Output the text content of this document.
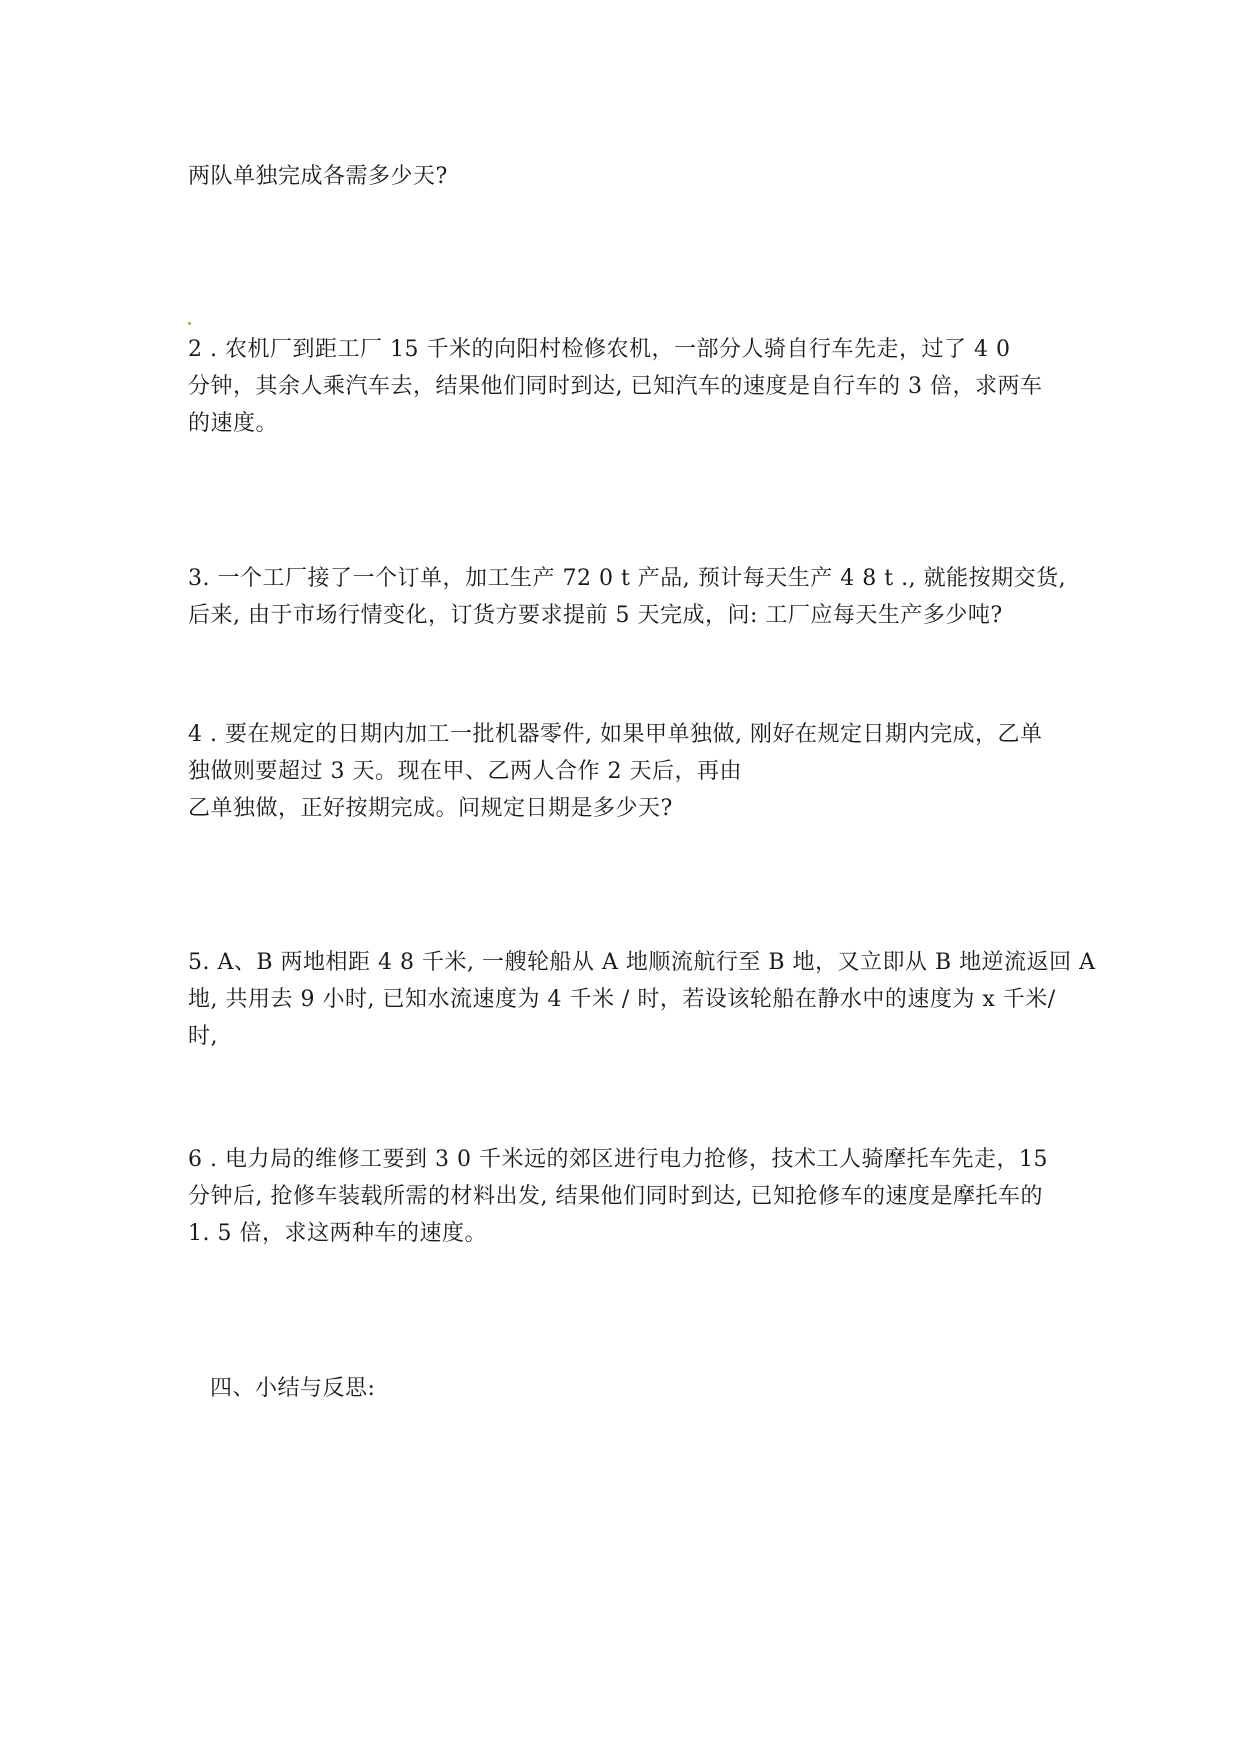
两队单独完成各需多少天?
2 . 农机厂到距工厂 15 千米的向阳村检修农机，一部分人骑自行车先走，过了 4 0
分钟，其余人乘汽车去，结果他们同时到达, 已知汽车的速度是自行车的 3 倍，求两车
的速度。
3. 一个工厂接了一个订单，加工生产 72 0 t 产品, 预计每天生产 4 8 t ., 就能按期交货,
后来, 由于市场行情变化，订货方要求提前 5 天完成，问: 工厂应每天生产多少吨?
4 . 要在规定的日期内加工一批机器零件, 如果甲单独做, 刚好在规定日期内完成，乙单
独做则要超过 3 天。现在甲、乙两人合作 2 天后，再由
乙单独做，正好按期完成。问规定日期是多少天?
5. A、B 两地相距 4 8 千米, 一艘轮船从 A 地顺流航行至 B 地，又立即从 B 地逆流返回 A
地, 共用去 9 小时, 已知水流速度为 4 千米 / 时，若设该轮船在静水中的速度为 x 千米/
时,
6 . 电力局的维修工要到 3 0 千米远的郊区进行电力抢修，技术工人骑摩托车先走，15
分钟后, 抢修车装载所需的材料出发, 结果他们同时到达, 已知抢修车的速度是摩托车的
1. 5 倍，求这两种车的速度。
四、小结与反思:
